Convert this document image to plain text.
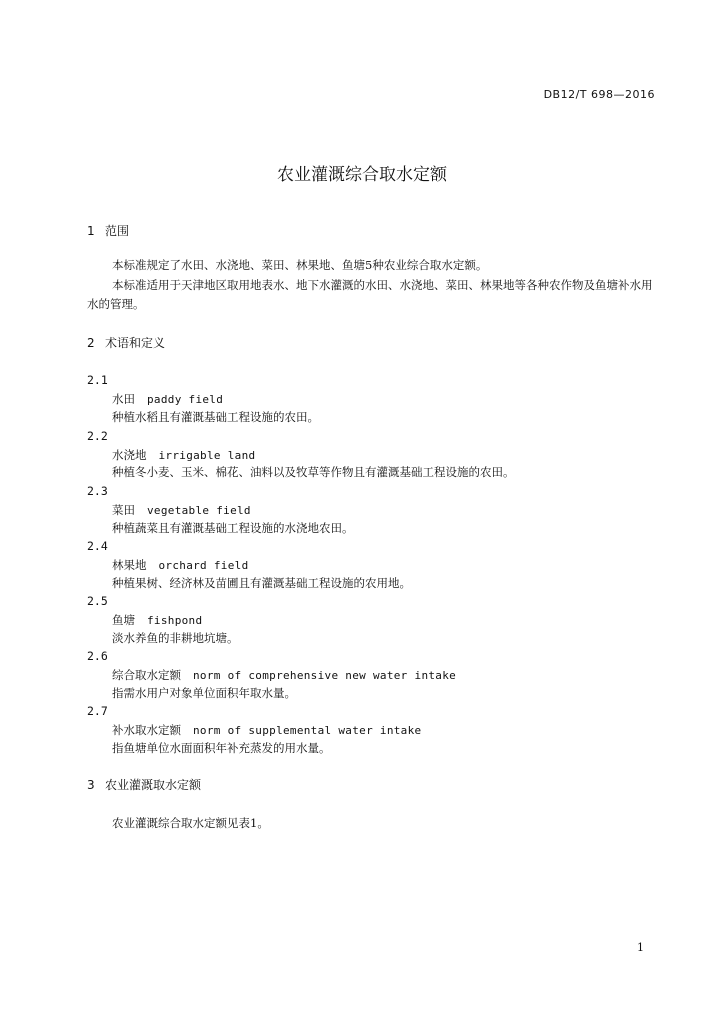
DB12/T 698—2016
农业灌溉综合取水定额
1 范围
本标准规定了水田、水浇地、菜田、林果地、鱼塘5种农业综合取水定额。
本标准适用于天津地区取用地表水、地下水灌溉的水田、水浇地、菜田、林果地等各种农作物及鱼塘补水用水的管理。
2 术语和定义
2.1
水田 paddy field
种植水稻且有灌溉基础工程设施的农田。
2.2
水浇地 irrigable land
种植冬小麦、玉米、棉花、油料以及牧草等作物且有灌溉基础工程设施的农田。
2.3
菜田 vegetable field
种植蔬菜且有灌溉基础工程设施的水浇地农田。
2.4
林果地 orchard field
种植果树、经济林及苗圃且有灌溉基础工程设施的农用地。
2.5
鱼塘 fishpond
淡水养鱼的非耕地坑塘。
2.6
综合取水定额 norm of comprehensive new water intake
指需水用户对象单位面积年取水量。
2.7
补水取水定额 norm of supplemental water intake
指鱼塘单位水面面积年补充蒸发的用水量。
3 农业灌溉取水定额
农业灌溉综合取水定额见表1。
1
